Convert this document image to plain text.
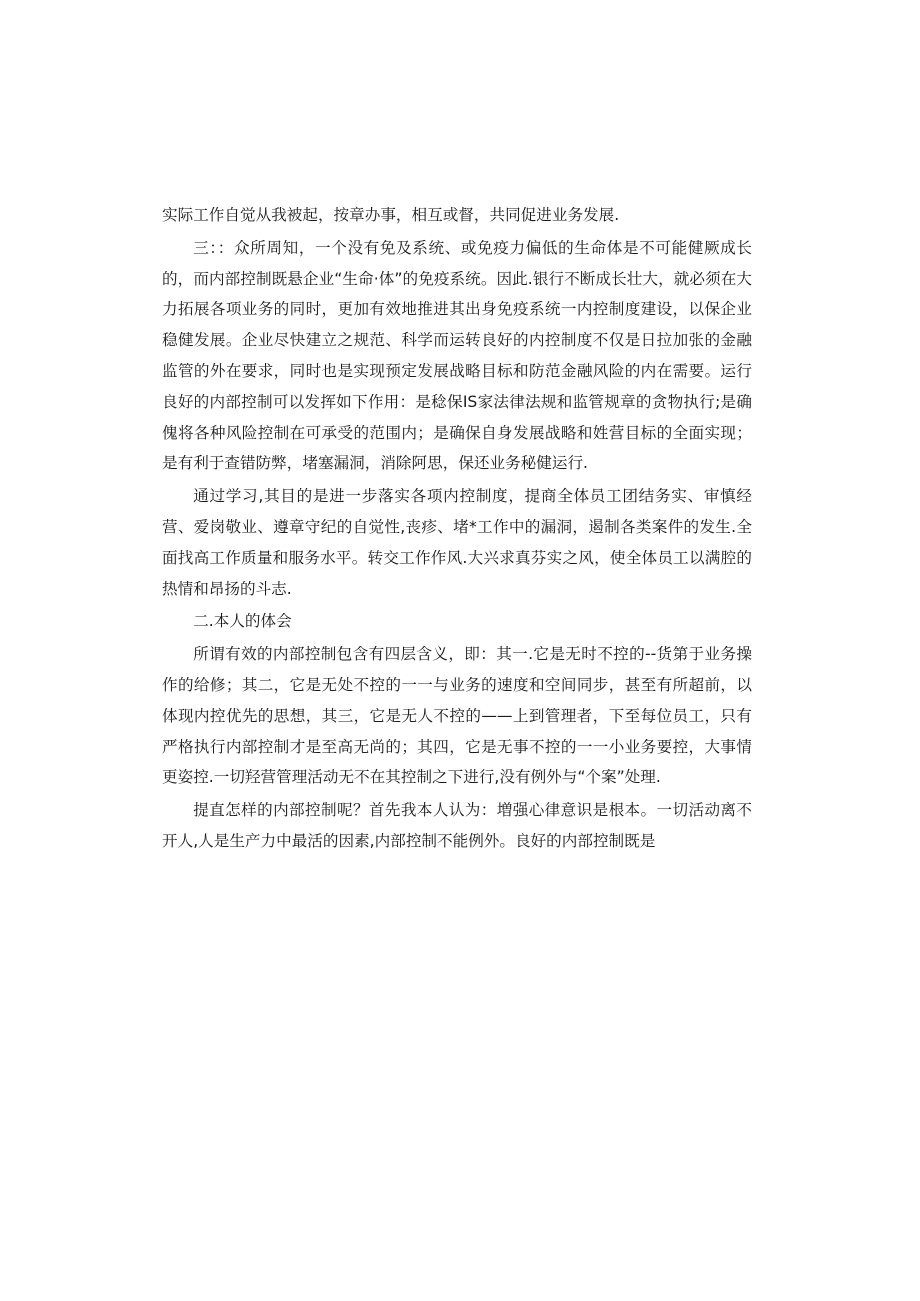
实际工作自觉从我被起，按章办事，相互或督，共同促进业务发展.

三：：众所周知，一个没有免及系统、或免疫力偏低的生命体是不可能健厥成长的，而内部控制既悬企业“生命·体”的免疫系统。因此.银行不断成长壮大，就必须在大力拓展各项业务的同时，更加有效地推进其出身免疫系统一内控制度建设，以保企业稳健发展。企业尽快建立之规范、科学而运转良好的内控制度不仅是日拉加张的金融监管的外在要求，同时也是实现预定发展战略目标和防范金融风险的内在需要。运行良好的内部控制可以发挥如下作用：是稔保IS家法律法规和监管规章的贪物执行;是确傀将各种风险控制在可承受的范围内；是确保自身发展战略和姓营目标的全面实现；是有利于查错防弊，堵塞漏洞，消除阿思，保还业务秘健运行.

通过学习,其目的是进一步落实各项内控制度，提商全体员工团结务实、审慎经营、爱岗敬业、遵章守纪的自觉性,丧疹、堵*工作中的漏洞，遏制各类案件的发生.全面找高工作质量和服务水平。转交工作作风.大兴求真芬实之风，使全体员工以满腔的热情和昂扬的斗志.

二.本人的体会

所谓有效的内部控制包含有四层含义，即：其一.它是无时不控的--货第于业务操作的给修；其二，它是无处不控的一一与业务的速度和空间同步，甚至有所超前，以体现内控优先的思想，其三，它是无人不控的——上到管理者，下至每位员工，只有严格执行内部控制才是至高无尚的；其四，它是无事不控的一一小业务要控，大事情更姿控.一切羟营管理活动无不在其控制之下进行,没有例外与“个案”处理.

提直怎样的内部控制呢？首先我本人认为：増强心律意识是根本。一切活动离不开人,人是生产力中最活的因素,内部控制不能例外。良好的内部控制既是
